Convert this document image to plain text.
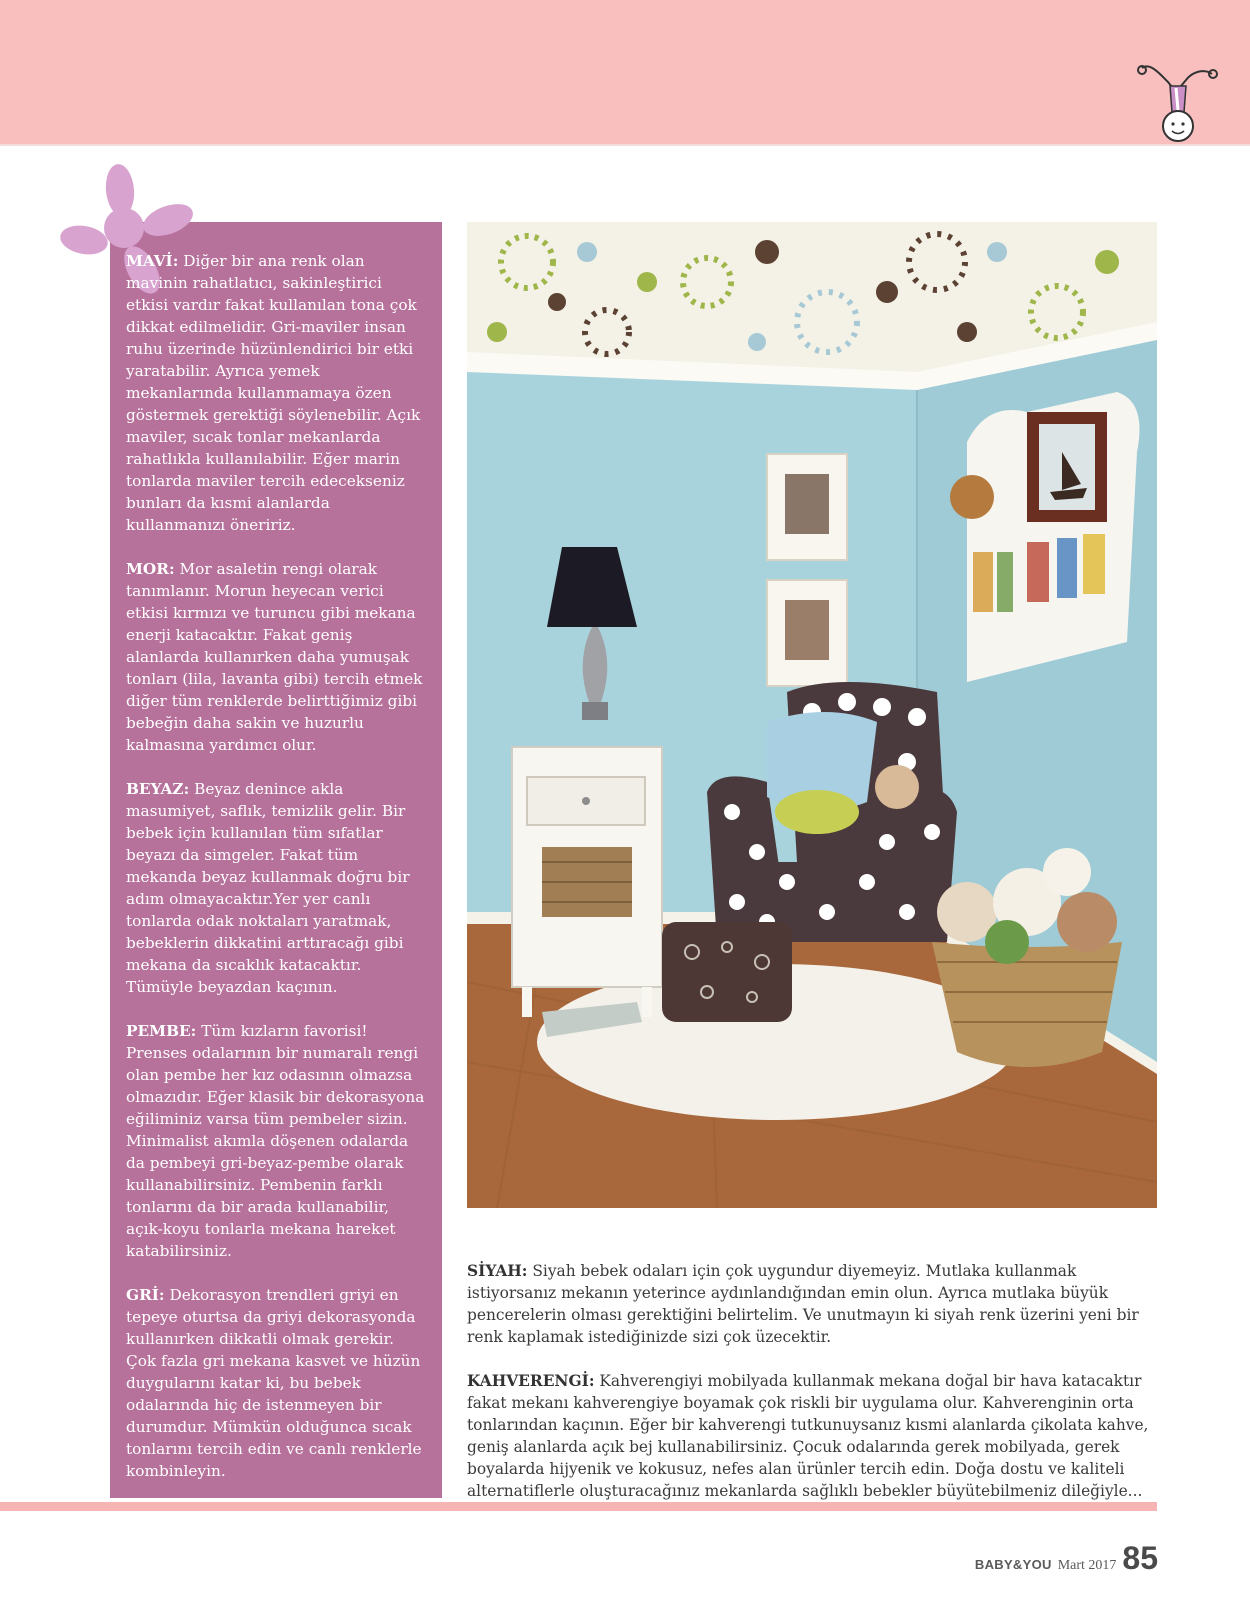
MAVİ: Diğer bir ana renk olan mavinin rahatlatıcı, sakinleştirici etkisi vardır fakat kullanılan tona çok dikkat edilmelidir. Gri-maviler insan ruhu üzerinde hüzünlendirici bir etki yaratabilir. Ayrıca yemek mekanlarında kullanmamaya özen göstermek gerektiği söylenebilir. Açık maviler, sıcak tonlar mekanlarda rahatlıkla kullanılabilir. Eğer marin tonlarda maviler tercih edecekseniz bunları da kısmi alanlarda kullanmanızı öneririz.

MOR: Mor asaletin rengi olarak tanımlanır. Morun heyecan verici etkisi kırmızı ve turuncu gibi mekana enerji katacaktır. Fakat geniş alanlarda kullanırken daha yumuşak tonları (lila, lavanta gibi) tercih etmek diğer tüm renklerde belirttiğimiz gibi bebeğin daha sakin ve huzurlu kalmasına yardımcı olur.

BEYAZ: Beyaz denince akla masumiyet, saflık, temizlik gelir. Bir bebek için kullanılan tüm sıfatlar beyazı da simgeler. Fakat tüm mekanda beyaz kullanmak doğru bir adım olmayacaktır.Yer yer canlı tonlarda odak noktaları yaratmak, bebeklerin dikkatini arttıracağı gibi mekana da sıcaklık katacaktır. Tümüyle beyazdan kaçının.

PEMBE: Tüm kızların favorisi! Prenses odalarının bir numaralı rengi olan pembe her kız odasının olmazsa olmazıdır. Eğer klasik bir dekorasyona eğiliminiz varsa tüm pembeler sizin. Minimalist akımla döşenen odalarda da pembeyi gri-beyaz-pembe olarak kullanabilirsiniz. Pembenin farklı tonlarını da bir arada kullanabilir, açık-koyu tonlarla mekana hareket katabilirsiniz.

GRİ: Dekorasyon trendleri griyi en tepeye oturtsa da griyi dekorasyonda kullanırken dikkatli olmak gerekir. Çok fazla gri mekana kasvet ve hüzün duygularını katar ki, bu bebek odalarında hiç de istenmeyen bir durumdur. Mümkün olduğunca sıcak tonlarını tercih edin ve canlı renklerle kombinleyin.

SİYAH: Siyah bebek odaları için çok uygundur diyemeyiz. Mutlaka kullanmak istiyorsanız mekanın yeterince aydınlandığından emin olun. Ayrıca mutlaka büyük pencerelerin olması gerektiğini belirtelim. Ve unutmayın ki siyah renk üzerini yeni bir renk kaplamak istediğinizde sizi çok üzecektir.

KAHVERENGİ: Kahverengiyi mobilyada kullanmak mekana doğal bir hava katacaktır fakat mekanı kahverengiye boyamak çok riskli bir uygulama olur. Kahverenginin orta tonlarından kaçının. Eğer bir kahverengi tutkunuysanız kısmi alanlarda çikolata kahve, geniş alanlarda açık bej kullanabilirsiniz. Çocuk odalarında gerek mobilyada, gerek boyalarda hijyenik ve kokusuz, nefes alan ürünler tercih edin. Doğa dostu ve kaliteli alternatiflerle oluşturacağınız mekanlarda sağlıklı bebekler büyütebilmeniz dileğiyle...

BABY&YOU Mart 2017 85
